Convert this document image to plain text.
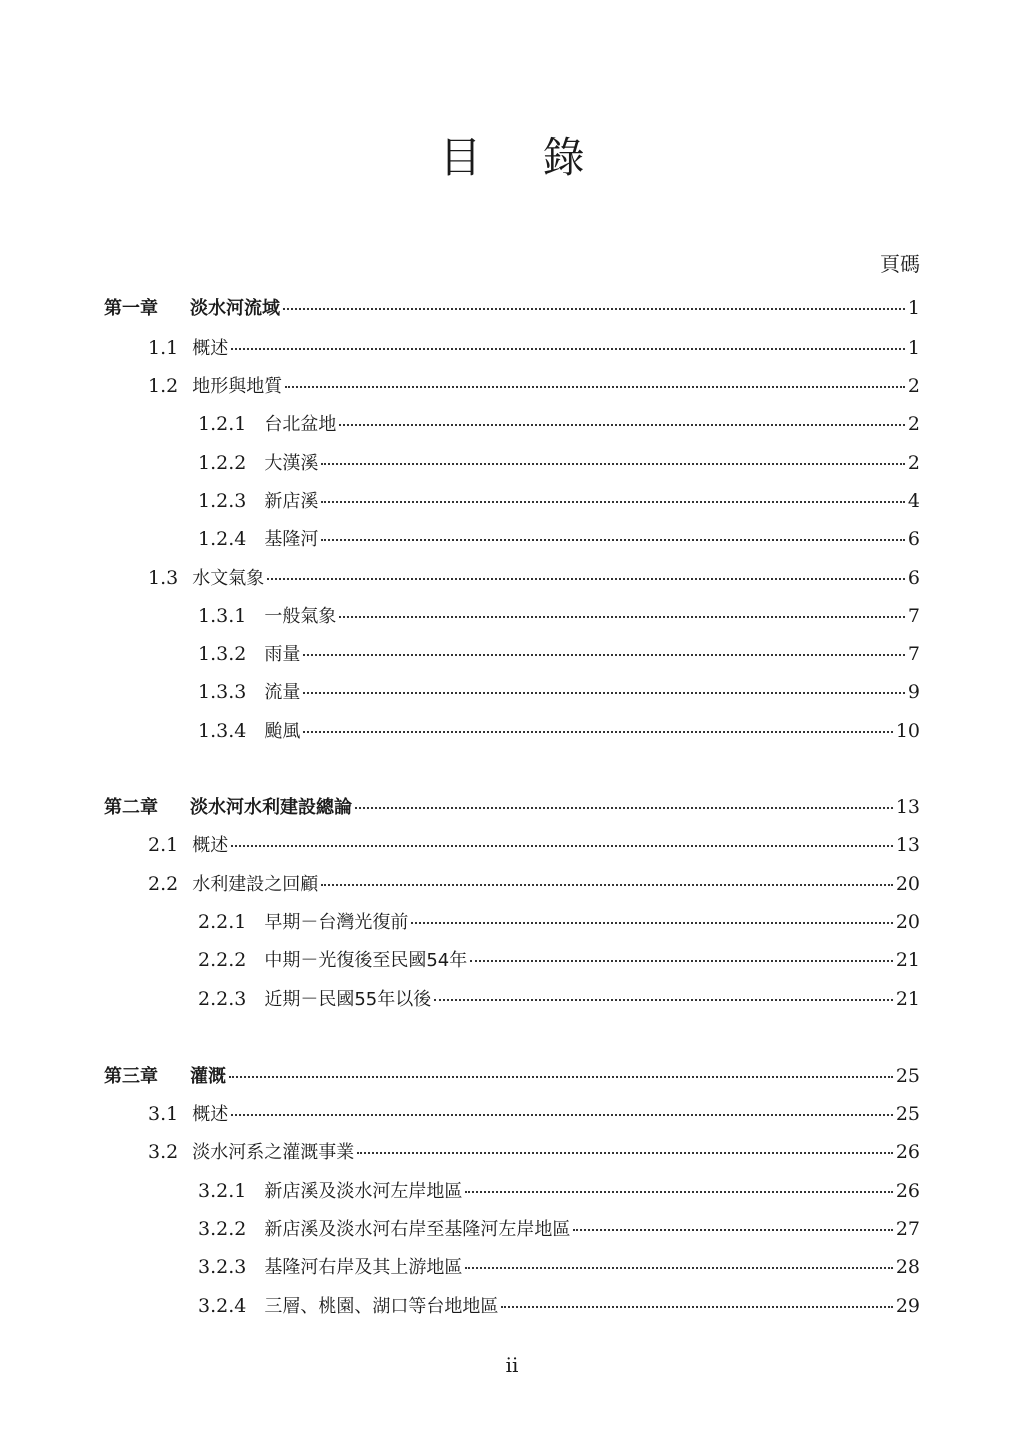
目 錄
頁碼
第一章	淡水河流域	1
1.1 概述	1
1.2 地形與地質	2
1.2.1 台北盆地	2
1.2.2 大漢溪	2
1.2.3 新店溪	4
1.2.4 基隆河	6
1.3 水文氣象	6
1.3.1 一般氣象	7
1.3.2 雨量	7
1.3.3 流量	9
1.3.4 颱風	10
第二章	淡水河水利建設總論	13
2.1 概述	13
2.2 水利建設之回顧	20
2.2.1 早期－台灣光復前	20
2.2.2 中期－光復後至民國54年	21
2.2.3 近期－民國55年以後	21
第三章	灌溉	25
3.1 概述	25
3.2 淡水河系之灌溉事業	26
3.2.1 新店溪及淡水河左岸地區	26
3.2.2 新店溪及淡水河右岸至基隆河左岸地區	27
3.2.3 基隆河右岸及其上游地區	28
3.2.4 三層、桃園、湖口等台地地區	29
ii
